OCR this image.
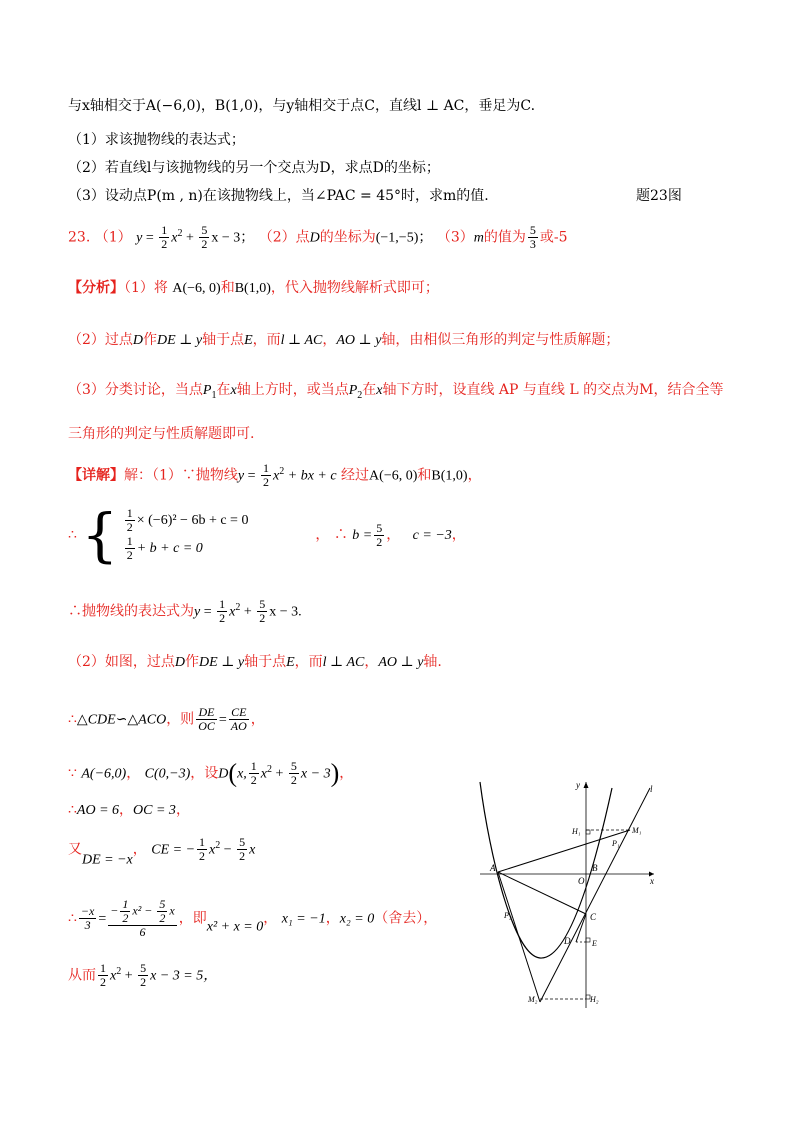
与x轴相交于A(−6,0)，B(1,0)，与y轴相交于点C，直线l ⊥ AC，垂足为C.
（1）求该抛物线的表达式；
（2）若直线l与该抛物线的另一个交点为D，求点D的坐标；
（3）设动点P(m , n)在该抛物线上，当∠PAC = 45°时，求m的值.	题23图
23. （1） $y = \frac{1}{2} x^2 + \frac{5}{2}$ x − 3； （2）点D的坐标为(−1,−5)； （3）m的值为 $\frac{5}{3}$ 或-5
【分析】（1）将 A(−6, 0)和B(1,0)，代入抛物线解析式即可；
（2）过点D作DE ⊥ y轴于点E，而l ⊥ AC，AO ⊥ y轴，由相似三角形的判定与性质解题；
（3）分类讨论，当点$P_1$在x轴上方时，或当点$P_2$在x轴下方时，设直线 AP 与直线 L 的交点为M，结合全等
三角形的判定与性质解题即可.
【详解】解：（1）∵抛物线$y = \frac{1}{2} x^2$ + bx + c 经过A(−6, 0)和B(1,0)，
∴ { $\frac{1}{2} \times (-6)^2 - 6b + c = 0$
$\frac{1}{2} + b + c = 0$
， ∴ $b = \frac{5}{2}$ ， c = −3，
∴抛物线的表达式为$y = \frac{1}{2} x^2 + \frac{5}{2}$ x − 3.
（2）如图，过点D作DE ⊥ y轴于点E，而l ⊥ AC，AO ⊥ y轴.
∴△CDE∽△ACO，则 $\frac{DE}{OC} = \frac{CE}{AO}$ ，
∵ A(−6,0)， C(0,−3)，设D(x, $\frac{1}{2} x^2 + \frac{5}{2}$ x − 3)，
∴AO = 6，OC = 3，
又DE = −x， CE = − $\frac{1}{2} x^2 - \frac{5}{2}$ x
∴ $\frac{-x}{3} = \frac{- \frac{1}{2} x^2 - \frac{5}{2} x}{6}$ ，即x² + x = 0， x₁ = −1，x₂ = 0（舍去），
从而 $\frac{1}{2} x^2 + \frac{5}{2}$ x − 3 = 5，
y	l
H₁	M₁
P₁
A
O
B
x
P₂	C
D	E
M₂	H₂
